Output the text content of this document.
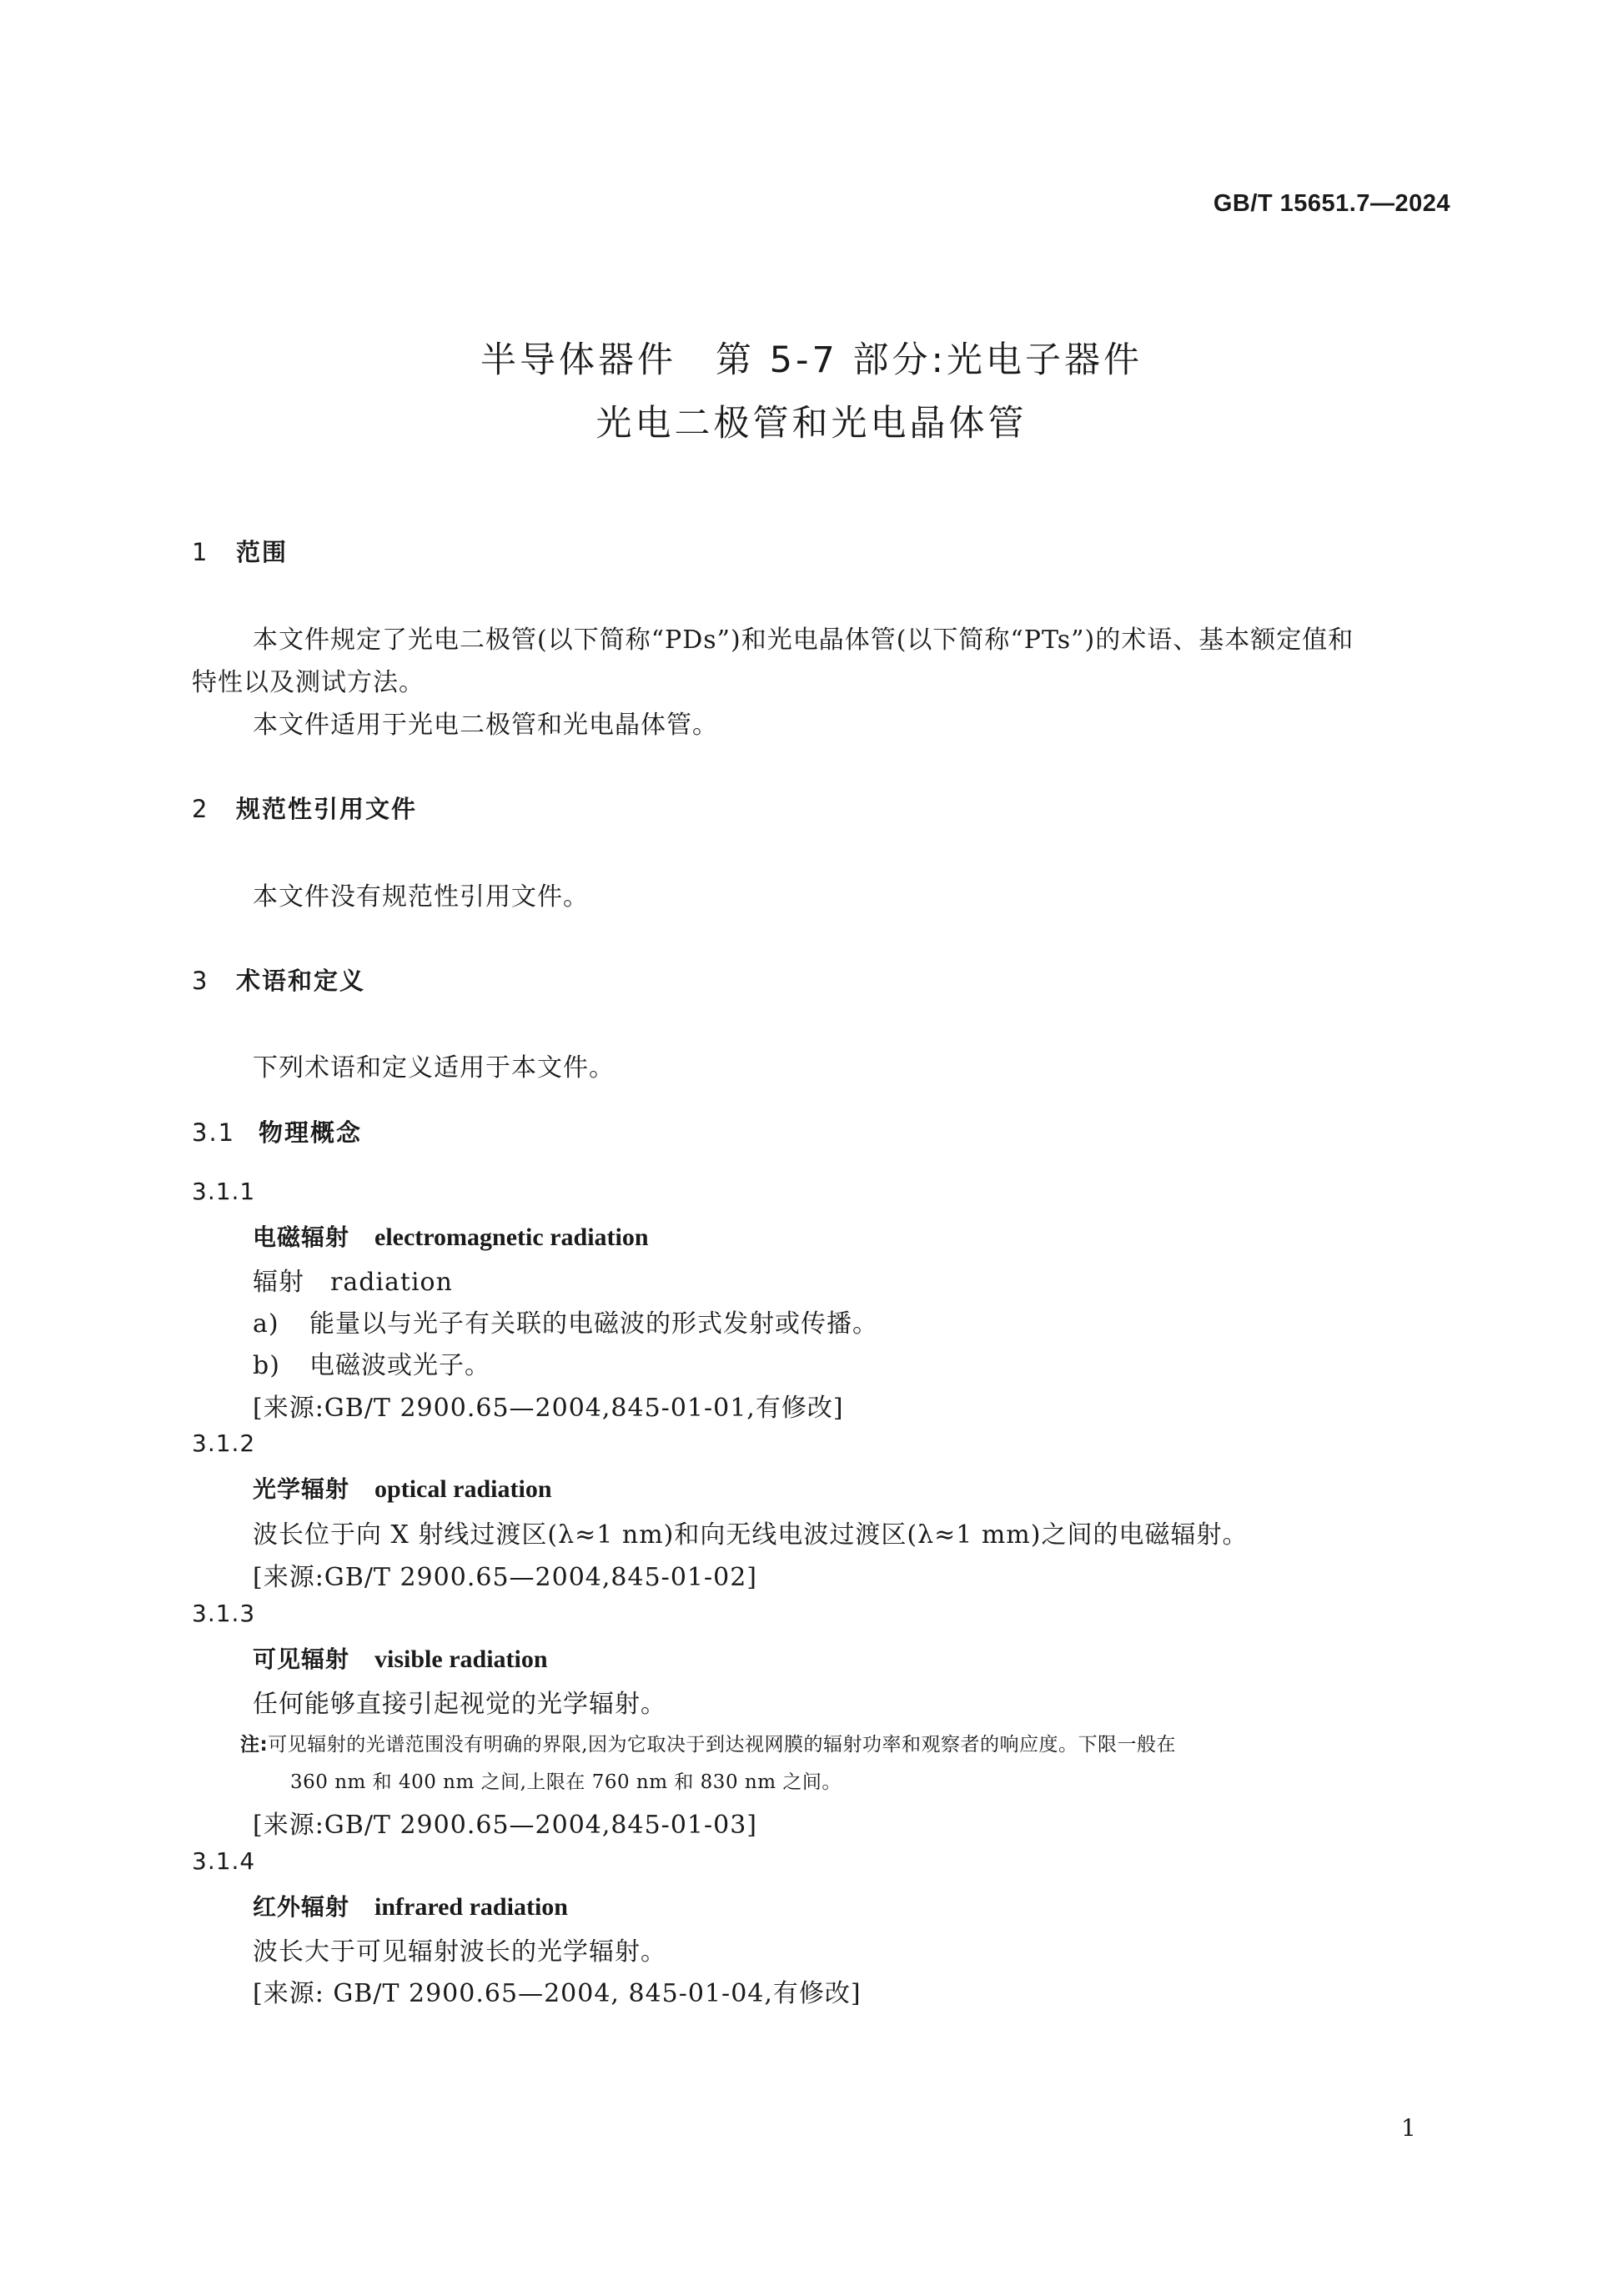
GB/T 15651.7—2024
半导体器件　第 5-7 部分:光电子器件
光电二极管和光电晶体管
1 范围
本文件规定了光电二极管(以下简称“PDs”)和光电晶体管(以下简称“PTs”)的术语、基本额定值和
特性以及测试方法。
本文件适用于光电二极管和光电晶体管。
2 规范性引用文件
本文件没有规范性引用文件。
3 术语和定义
下列术语和定义适用于本文件。
3.1 物理概念
3.1.1
电磁辐射 electromagnetic radiation
辐射　radiation
a) 能量以与光子有关联的电磁波的形式发射或传播。
b) 电磁波或光子。
[来源:GB/T 2900.65—2004,845-01-01,有修改]
3.1.2
光学辐射 optical radiation
波长位于向 X 射线过渡区(λ≈1 nm)和向无线电波过渡区(λ≈1 mm)之间的电磁辐射。
[来源:GB/T 2900.65—2004,845-01-02]
3.1.3
可见辐射 visible radiation
任何能够直接引起视觉的光学辐射。
注:可见辐射的光谱范围没有明确的界限,因为它取决于到达视网膜的辐射功率和观察者的响应度。下限一般在
360 nm 和 400 nm 之间,上限在 760 nm 和 830 nm 之间。
[来源:GB/T 2900.65—2004,845-01-03]
3.1.4
红外辐射 infrared radiation
波长大于可见辐射波长的光学辐射。
[来源: GB/T 2900.65—2004, 845-01-04,有修改]
1
